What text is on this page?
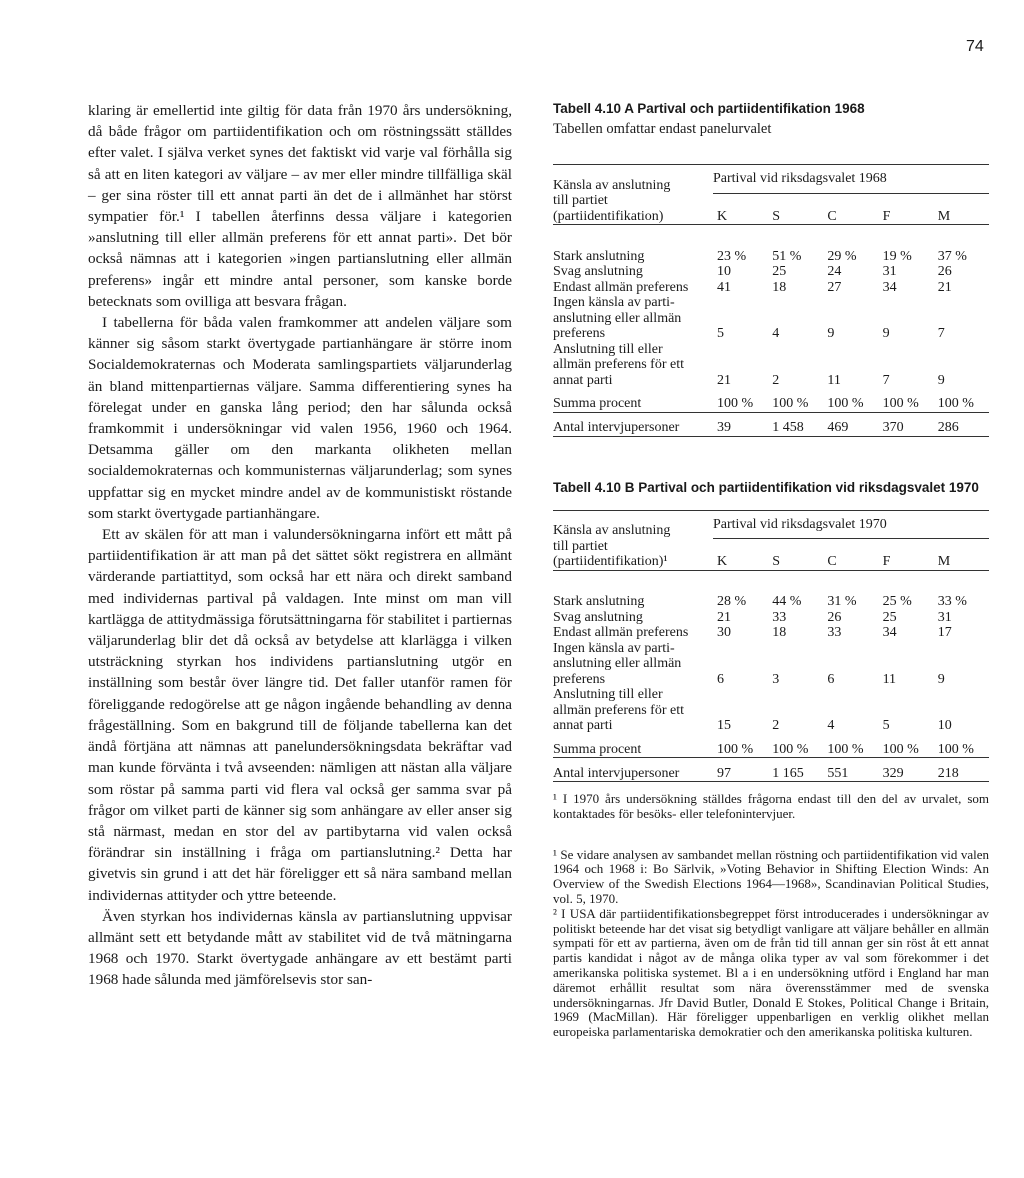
74

klaring är emellertid inte giltig för data från 1970 års undersökning, då både frågor om partiidentifikation och om röstningssätt ställdes efter valet. I själva verket synes det faktiskt vid varje val förhålla sig så att en liten kategori av väljare – av mer eller mindre tillfälliga skäl – ger sina röster till ett annat parti än det de i allmänhet har störst sympatier för.¹ I tabellen återfinns dessa väljare i kategorien »anslutning till eller allmän preferens för ett annat parti». Det bör också nämnas att i kategorien »ingen partianslutning eller allmän preferens» ingår ett mindre antal personer, som kanske borde betecknats som ovilliga att besvara frågan.

I tabellerna för båda valen framkommer att andelen väljare som känner sig såsom starkt övertygade partianhängare är större inom Socialdemokraternas och Moderata samlingspartiets väljarunderlag än bland mittenpartiernas väljare. Samma differentiering synes ha förelegat under en ganska lång period; den har sålunda också framkommit i undersökningar vid valen 1956, 1960 och 1964. Detsamma gäller om den markanta olikheten mellan socialdemokraternas och kommunisternas väljarunderlag; som synes uppfattar sig en mycket mindre andel av de kommunistiskt röstande som starkt övertygade partianhängare.

Ett av skälen för att man i valundersökningarna infört ett mått på partiidentifikation är att man på det sättet sökt registrera en allmänt värderande partiattityd, som också har ett nära och direkt samband med individernas partival på valdagen. Inte minst om man vill kartlägga de attitydmässiga förutsättningarna för stabilitet i partiernas väljarunderlag blir det då också av betydelse att klarlägga i vilken utsträckning styrkan hos individens partianslutning utgör en inställning som består över längre tid. Det faller utanför ramen för föreliggande redogörelse att ge någon ingående behandling av denna frågeställning. Som en bakgrund till de följande tabellerna kan det ändå förtjäna att nämnas att panelundersökningsdata bekräftar vad man kunde förvänta i två avseenden: nämligen att nästan alla väljare som röstar på samma parti vid flera val också ger samma svar på frågor om vilket parti de känner sig som anhängare av eller anser sig stå närmast, medan en stor del av partibytarna vid valen också förändrar sin inställning i fråga om partianslutning.² Detta har givetvis sin grund i att det här föreligger ett så nära samband mellan individernas attityder och yttre beteende.

Även styrkan hos individernas känsla av partianslutning uppvisar allmänt sett ett betydande mått av stabilitet vid de två mätningarna 1968 och 1970. Starkt övertygade anhängare av ett bestämt parti 1968 hade sålunda med jämförelsevis stor san-

Tabell 4.10 A Partival och partiidentifikation 1968
Tabellen omfattar endast panelurvalet

Känsla av anslutning	Partival vid riksdagsvalet 1968				
till partiet					
(partiidentifikation)	K	S	C	F	M

Stark anslutning	23 %	51 %	29 %	19 %	37 %
Svag anslutning	10	25	24	31	26
Endast allmän preferens	41	18	27	34	21
Ingen känsla av parti-					
anslutning eller allmän					
preferens	5	4	9	9	7
Anslutning till eller					
allmän preferens för ett					
annat parti	21	2	11	7	9
Summa procent	100 %	100 %	100 %	100 %	100 %
Antal intervjupersoner	39	1 458	469	370	286
Tabell 4.10 B Partival och partiidentifikation vid riksdagsvalet 1970

Känsla av anslutning	Partival vid riksdagsvalet 1970				
till partiet					
(partiidentifikation)¹	K	S	C	F	M

Stark anslutning	28 %	44 %	31 %	25 %	33 %
Svag anslutning	21	33	26	25	31
Endast allmän preferens	30	18	33	34	17
Ingen känsla av parti-					
anslutning eller allmän					
preferens	6	3	6	11	9
Anslutning till eller					
allmän preferens för ett					
annat parti	15	2	4	5	10
Summa procent	100 %	100 %	100 %	100 %	100 %
Antal intervjupersoner	97	1 165	551	329	218

¹ I 1970 års undersökning ställdes frågorna endast till den del av urvalet, som kontaktades för besöks- eller telefonintervjuer.

¹ Se vidare analysen av sambandet mellan röstning och partiidentifikation vid valen 1964 och 1968 i: Bo Särlvik, »Voting Behavior in Shifting Election Winds: An Overview of the Swedish Elections 1964—1968», Scandinavian Political Studies, vol. 5, 1970.

² I USA där partiidentifikationsbegreppet först introducerades i undersökningar av politiskt beteende har det visat sig betydligt vanligare att väljare behåller en allmän sympati för ett av partierna, även om de från tid till annan ger sin röst åt ett annat partis kandidat i något av de många olika typer av val som förekommer i det amerikanska politiska systemet. Bl a i en undersökning utförd i England har man däremot erhållit resultat som nära överensstämmer med de svenska undersökningarnas. Jfr David Butler, Donald E Stokes, Political Change i Britain, 1969 (MacMillan). Här föreligger uppenbarligen en verklig olikhet mellan europeiska parlamentariska demokratier och den amerikanska politiska kulturen.
